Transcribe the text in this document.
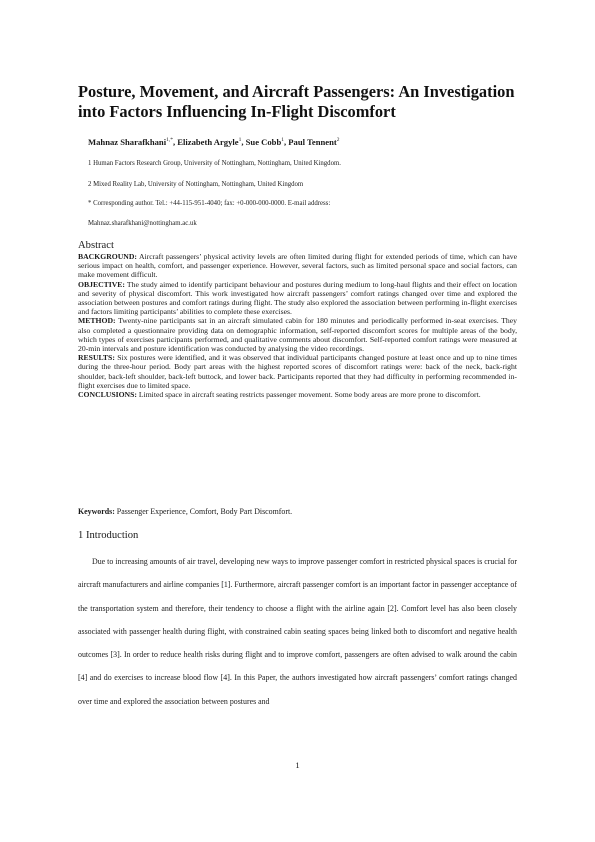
Posture, Movement, and Aircraft Passengers: An Investigation into Factors Influencing In-Flight Discomfort
Mahnaz Sharafkhani$^{1,*}$, Elizabeth Argyle$^1$, Sue Cobb$^1$, Paul Tennent$^2$
1 Human Factors Research Group, University of Nottingham, Nottingham, United Kingdom.
2 Mixed Reality Lab, University of Nottingham, Nottingham, United Kingdom
* Corresponding author. Tel.: +44-115-951-4040; fax: +0-000-000-0000. E-mail address:
Mahnaz.sharafkhani@nottingham.ac.uk
Abstract

BACKGROUND: Aircraft passengers’ physical activity levels are often limited during flight for extended periods of time, which can have serious impact on health, comfort, and passenger experience. However, several factors, such as limited personal space and social factors, can make movement difficult.

OBJECTIVE: The study aimed to identify participant behaviour and postures during medium to long-haul flights and their effect on location and severity of physical discomfort. This work investigated how aircraft passengers’ comfort ratings changed over time and explored the association between postures and comfort ratings during flight. The study also explored the association between performing in-flight exercises and factors limiting participants’ abilities to complete these exercises.

METHOD: Twenty-nine participants sat in an aircraft simulated cabin for 180 minutes and periodically performed in-seat exercises. They also completed a questionnaire providing data on demographic information, self-reported discomfort scores for multiple areas of the body, which types of exercises participants performed, and qualitative comments about discomfort. Self-reported comfort ratings were measured at 20-min intervals and posture identification was conducted by analysing the video recordings.

RESULTS: Six postures were identified, and it was observed that individual participants changed posture at least once and up to nine times during the three-hour period. Body part areas with the highest reported scores of discomfort ratings were: back of the neck, back-right shoulder, back-left shoulder, back-left buttock, and lower back. Participants reported that they had difficulty in performing recommended in-flight exercises due to limited space.

CONCLUSIONS: Limited space in aircraft seating restricts passenger movement. Some body areas are more prone to discomfort.

Keywords: Passenger Experience, Comfort, Body Part Discomfort.
1 Introduction

Due to increasing amounts of air travel, developing new ways to improve passenger comfort in restricted physical spaces is crucial for aircraft manufacturers and airline companies [1]. Furthermore, aircraft passenger comfort is an important factor in passenger acceptance of the transportation system and therefore, their tendency to choose a flight with the airline again [2]. Comfort level has also been closely associated with passenger health during flight, with constrained cabin seating spaces being linked both to discomfort and negative health outcomes [3]. In order to reduce health risks during flight and to improve comfort, passengers are often advised to walk around the cabin [4] and do exercises to increase blood flow [4]. In this Paper, the authors investigated how aircraft passengers’ comfort ratings changed over time and explored the association between postures and

1
